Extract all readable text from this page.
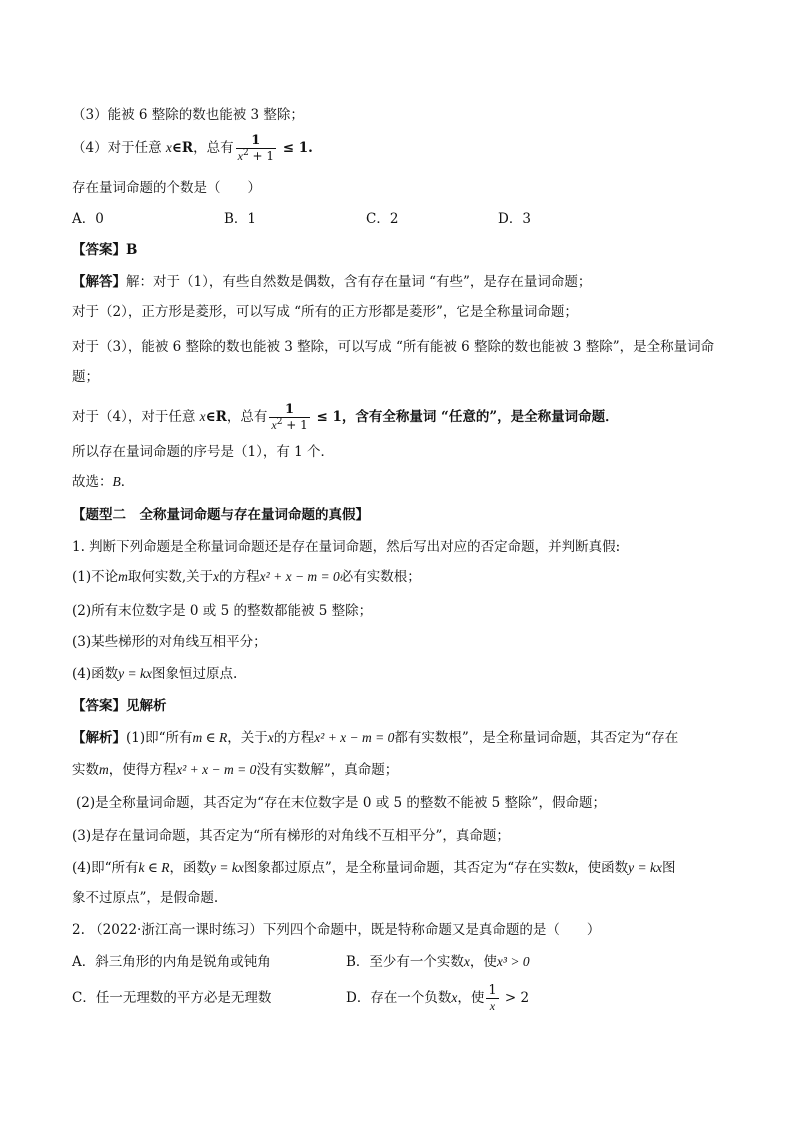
（3）能被 6 整除的数也能被 3 整除；
（4）对于任意 x∈R，总有 $\frac{1}{x^2 + 1} \le 1$.
存在量词命题的个数是（　　）
A．0	B．1	C．2	D．3
【答案】B
【解答】解：对于（1），有些自然数是偶数，含有存在量词 “有些”，是存在量词命题；
对于（2），正方形是菱形，可以写成 “所有的正方形都是菱形”，它是全称量词命题；
对于（3），能被 6 整除的数也能被 3 整除，可以写成 “所有能被 6 整除的数也能被 3 整除”，是全称量词命
题；
对于（4），对于任意 x∈R，总有 $\frac{1}{x^2 + 1} \le 1$，含有全称量词 “任意的”，是全称量词命题．
所以存在量词命题的序号是（1），有 1 个．
故选：B．
【题型二　全称量词命题与存在量词命题的真假】
1. 判断下列命题是全称量词命题还是存在量词命题，然后写出对应的否定命题，并判断真假:
(1)不论m取何实数,关于x的方程x² + x − m = 0必有实数根；
(2)所有末位数字是 0 或 5 的整数都能被 5 整除；
(3)某些梯形的对角线互相平分；
(4)函数y = kx图象恒过原点.
【答案】见解析
【解析】(1)即“所有m ∈ R，关于x的方程x² + x − m = 0都有实数根”，是全称量词命题，其否定为“存在
实数m，使得方程x² + x − m = 0没有实数解”，真命题；
(2)是全称量词命题，其否定为“存在末位数字是 0 或 5 的整数不能被 5 整除”，假命题；
(3)是存在量词命题，其否定为“所有梯形的对角线不互相平分”，真命题；
(4)即“所有k ∈ R，函数y = kx图象都过原点”，是全称量词命题，其否定为“存在实数k，使函数y = kx图
象不过原点”，是假命题.
2. （2022·浙江高一课时练习）下列四个命题中，既是特称命题又是真命题的是（　　）
A．斜三角形的内角是锐角或钝角	B．至少有一个实数x，使x³ > 0
C．任一无理数的平方必是无理数	D．存在一个负数x，使 $\frac{1}{x} > 2$
